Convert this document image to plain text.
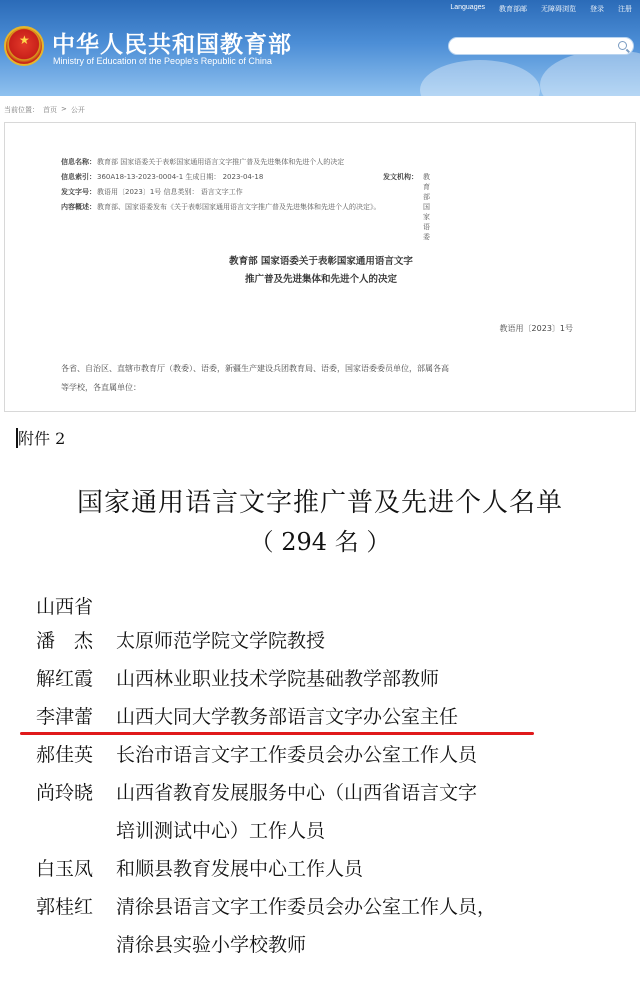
★ 中华人民共和国教育部
Ministry of Education of the People's Republic of China
Languages 教育部邮 无障碍浏览 登录 注册
当前位置： 首页 > 公开
信息名称： 教育部 国家语委关于表彰国家通用语言文字推广普及先进集体和先进个人的决定
信息索引： 360A18-13-2023-0004-1 生成日期： 2023-04-18	发文机构： 教育部 国家语委
发文字号： 教语用〔2023〕1号 信息类别： 语言文字工作
内容概述： 教育部、国家语委发布《关于表彰国家通用语言文字推广普及先进集体和先进个人的决定》。
教育部 国家语委关于表彰国家通用语言文字
推广普及先进集体和先进个人的决定
教语用〔2023〕1号
各省、自治区、直辖市教育厅（教委）、语委，新疆生产建设兵团教育局、语委，国家语委委员单位，部属各高
等学校，各直属单位：
附件 2
国家通用语言文字推广普及先进个人名单
（ 294 名 ）
山西省
潘　杰	太原师范学院文学院教授
解红霞	山西林业职业技术学院基础教学部教师
李津蕾	山西大同大学教务部语言文字办公室主任
郝佳英	长治市语言文字工作委员会办公室工作人员
尚玲晓	山西省教育发展服务中心（山西省语言文字
培训测试中心）工作人员
白玉凤	和顺县教育发展中心工作人员
郭桂红	清徐县语言文字工作委员会办公室工作人员，
清徐县实验小学校教师
